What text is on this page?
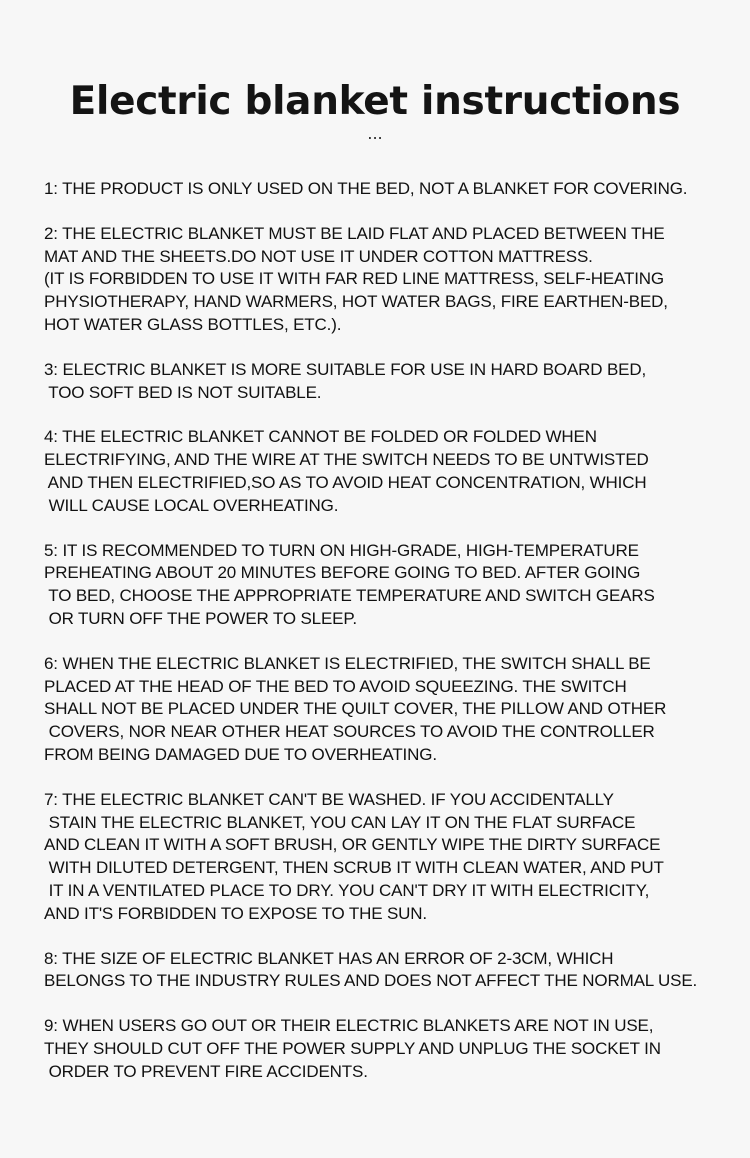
Electric blanket instructions
...
1: THE PRODUCT IS ONLY USED ON THE BED, NOT A BLANKET FOR COVERING.
2: THE ELECTRIC BLANKET MUST BE LAID FLAT AND PLACED BETWEEN THE
MAT AND THE SHEETS.DO NOT USE IT UNDER COTTON MATTRESS.
(IT IS FORBIDDEN TO USE IT WITH FAR RED LINE MATTRESS, SELF-HEATING
PHYSIOTHERAPY, HAND WARMERS, HOT WATER BAGS, FIRE EARTHEN-BED,
HOT WATER GLASS BOTTLES, ETC.).
3: ELECTRIC BLANKET IS MORE SUITABLE FOR USE IN HARD BOARD BED,
TOO SOFT BED IS NOT SUITABLE.
4: THE ELECTRIC BLANKET CANNOT BE FOLDED OR FOLDED WHEN
ELECTRIFYING, AND THE WIRE AT THE SWITCH NEEDS TO BE UNTWISTED
AND THEN ELECTRIFIED,SO AS TO AVOID HEAT CONCENTRATION, WHICH
WILL CAUSE LOCAL OVERHEATING.
5: IT IS RECOMMENDED TO TURN ON HIGH-GRADE, HIGH-TEMPERATURE
PREHEATING ABOUT 20 MINUTES BEFORE GOING TO BED. AFTER GOING
TO BED, CHOOSE THE APPROPRIATE TEMPERATURE AND SWITCH GEARS
OR TURN OFF THE POWER TO SLEEP.
6: WHEN THE ELECTRIC BLANKET IS ELECTRIFIED, THE SWITCH SHALL BE
PLACED AT THE HEAD OF THE BED TO AVOID SQUEEZING. THE SWITCH
SHALL NOT BE PLACED UNDER THE QUILT COVER, THE PILLOW AND OTHER
COVERS, NOR NEAR OTHER HEAT SOURCES TO AVOID THE CONTROLLER
FROM BEING DAMAGED DUE TO OVERHEATING.
7: THE ELECTRIC BLANKET CAN'T BE WASHED. IF YOU ACCIDENTALLY
STAIN THE ELECTRIC BLANKET, YOU CAN LAY IT ON THE FLAT SURFACE
AND CLEAN IT WITH A SOFT BRUSH, OR GENTLY WIPE THE DIRTY SURFACE
WITH DILUTED DETERGENT, THEN SCRUB IT WITH CLEAN WATER, AND PUT
IT IN A VENTILATED PLACE TO DRY. YOU CAN'T DRY IT WITH ELECTRICITY,
AND IT'S FORBIDDEN TO EXPOSE TO THE SUN.
8: THE SIZE OF ELECTRIC BLANKET HAS AN ERROR OF 2-3CM, WHICH
BELONGS TO THE INDUSTRY RULES AND DOES NOT AFFECT THE NORMAL USE.
9: WHEN USERS GO OUT OR THEIR ELECTRIC BLANKETS ARE NOT IN USE,
THEY SHOULD CUT OFF THE POWER SUPPLY AND UNPLUG THE SOCKET IN
ORDER TO PREVENT FIRE ACCIDENTS.
